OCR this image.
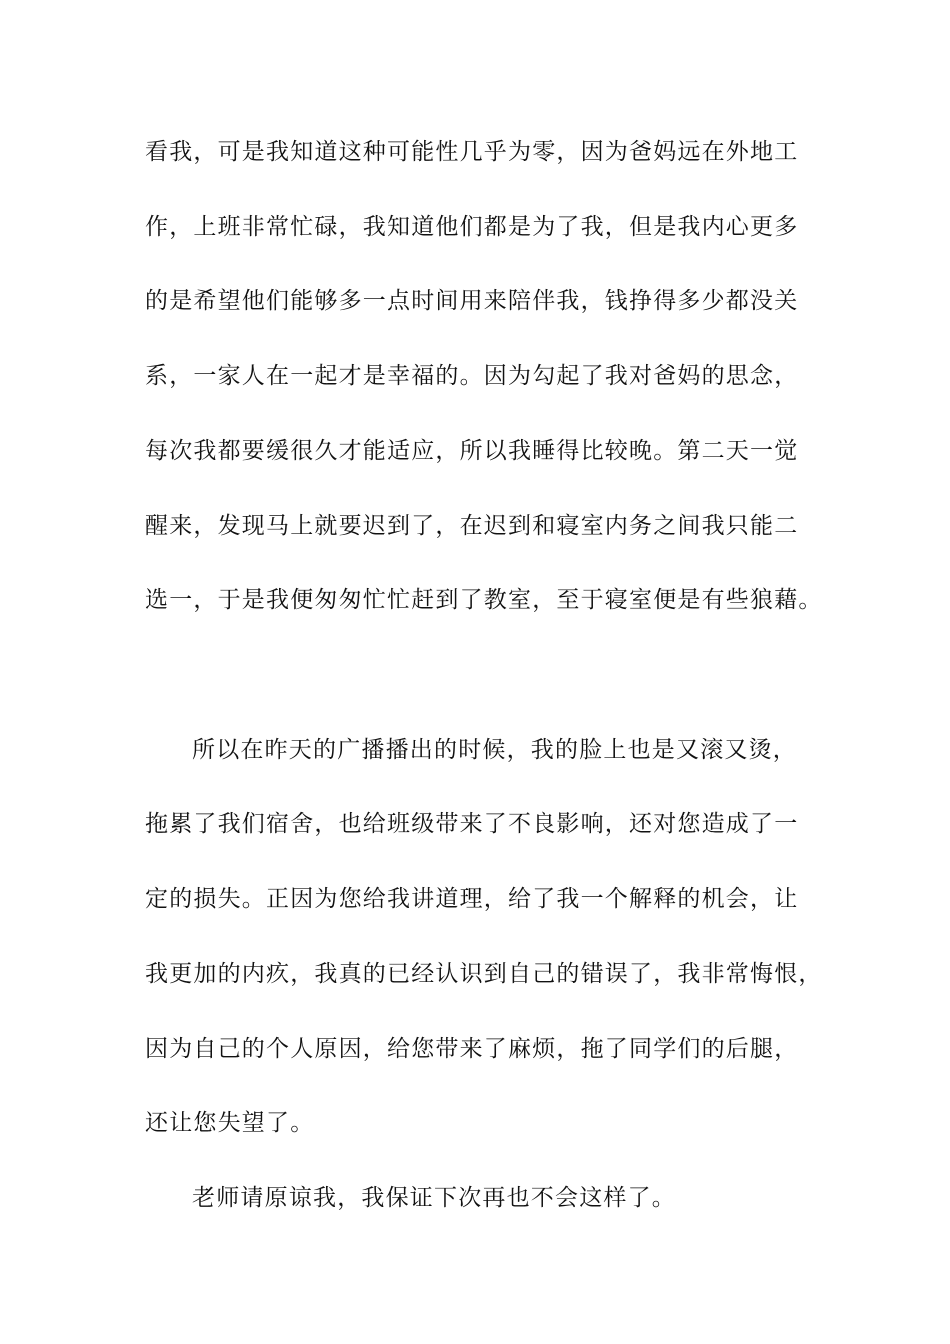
看我，可是我知道这种可能性几乎为零，因为爸妈远在外地工

作，上班非常忙碌，我知道他们都是为了我，但是我内心更多

的是希望他们能够多一点时间用来陪伴我，钱挣得多少都没关

系，一家人在一起才是幸福的。因为勾起了我对爸妈的思念，

每次我都要缓很久才能适应，所以我睡得比较晚。第二天一觉

醒来，发现马上就要迟到了，在迟到和寝室内务之间我只能二

选一，于是我便匆匆忙忙赶到了教室，至于寝室便是有些狼藉。

所以在昨天的广播播出的时候，我的脸上也是又滚又烫，

拖累了我们宿舍，也给班级带来了不良影响，还对您造成了一

定的损失。正因为您给我讲道理，给了我一个解释的机会，让

我更加的内疚，我真的已经认识到自己的错误了，我非常悔恨，

因为自己的个人原因，给您带来了麻烦，拖了同学们的后腿，

还让您失望了。

老师请原谅我，我保证下次再也不会这样了。
